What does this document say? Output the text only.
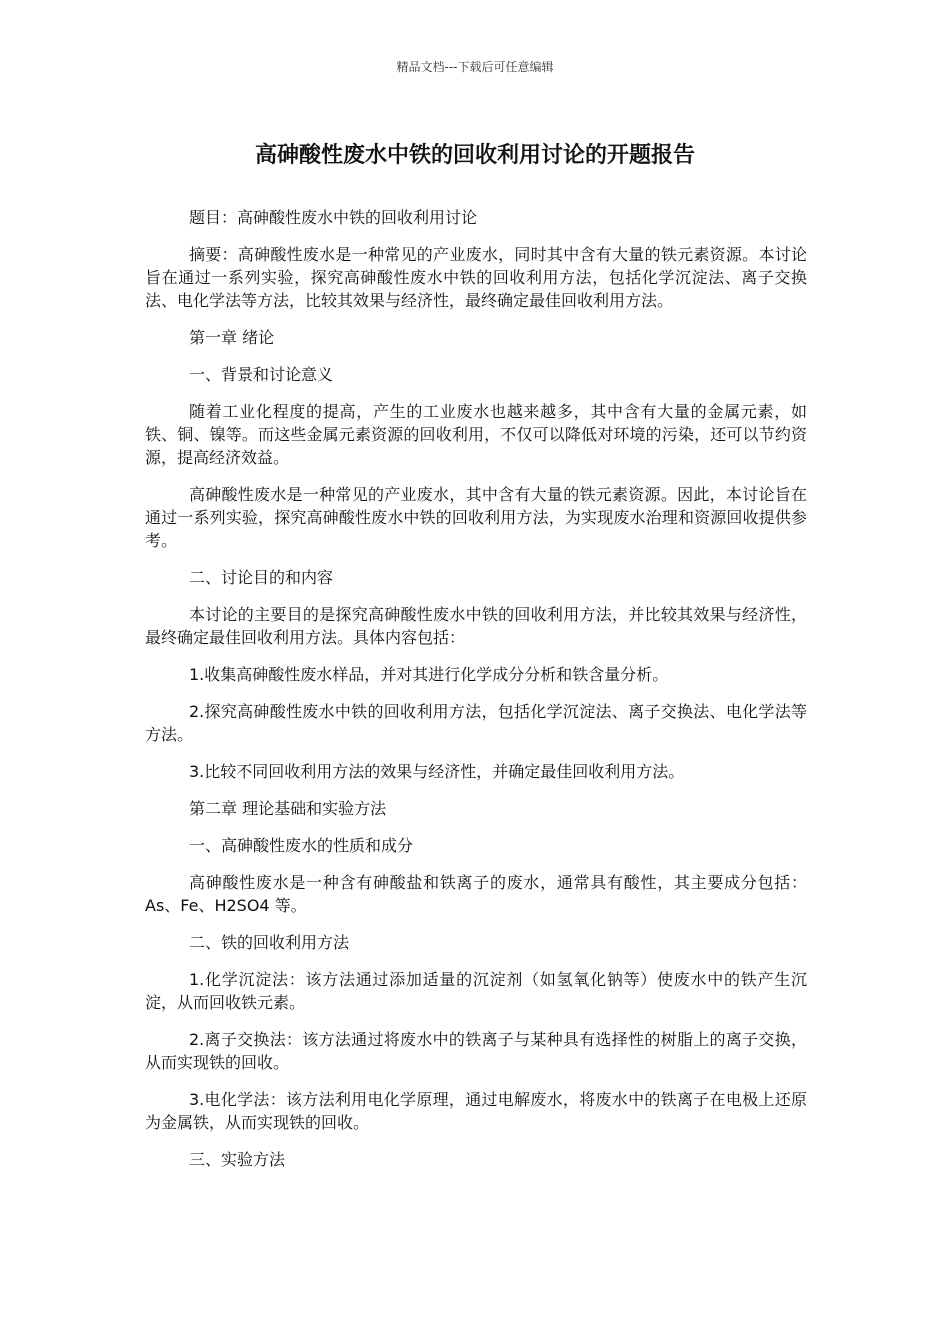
精品文档---下载后可任意编辑
高砷酸性废水中铁的回收利用讨论的开题报告

题目：高砷酸性废水中铁的回收利用讨论

摘要：高砷酸性废水是一种常见的产业废水，同时其中含有大量的铁元素资源。本讨论旨在通过一系列实验，探究高砷酸性废水中铁的回收利用方法，包括化学沉淀法、离子交换法、电化学法等方法，比较其效果与经济性，最终确定最佳回收利用方法。

第一章 绪论

一、背景和讨论意义

随着工业化程度的提高，产生的工业废水也越来越多，其中含有大量的金属元素，如铁、铜、镍等。而这些金属元素资源的回收利用，不仅可以降低对环境的污染，还可以节约资源，提高经济效益。

高砷酸性废水是一种常见的产业废水，其中含有大量的铁元素资源。因此，本讨论旨在通过一系列实验，探究高砷酸性废水中铁的回收利用方法，为实现废水治理和资源回收提供参考。

二、讨论目的和内容

本讨论的主要目的是探究高砷酸性废水中铁的回收利用方法，并比较其效果与经济性，最终确定最佳回收利用方法。具体内容包括：

1.收集高砷酸性废水样品，并对其进行化学成分分析和铁含量分析。

2.探究高砷酸性废水中铁的回收利用方法，包括化学沉淀法、离子交换法、电化学法等方法。

3.比较不同回收利用方法的效果与经济性，并确定最佳回收利用方法。

第二章 理论基础和实验方法

一、高砷酸性废水的性质和成分

高砷酸性废水是一种含有砷酸盐和铁离子的废水，通常具有酸性，其主要成分包括：As、Fe、H2SO4 等。

二、铁的回收利用方法

1.化学沉淀法：该方法通过添加适量的沉淀剂（如氢氧化钠等）使废水中的铁产生沉淀，从而回收铁元素。

2.离子交换法：该方法通过将废水中的铁离子与某种具有选择性的树脂上的离子交换，从而实现铁的回收。

3.电化学法：该方法利用电化学原理，通过电解废水，将废水中的铁离子在电极上还原为金属铁，从而实现铁的回收。

三、实验方法
